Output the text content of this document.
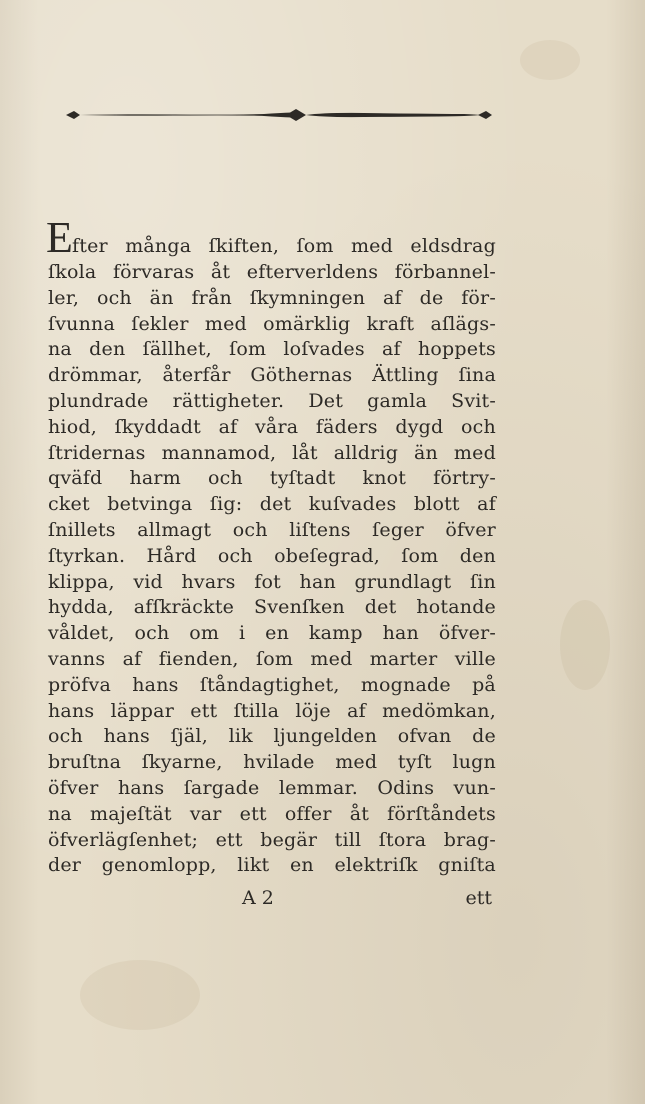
E
fter många ſkiften, ſom med eldsdrag
ſkola förvaras åt efterverldens förbannel-
ler, och än från ſkymningen af de för-
ſvunna ſekler med omärklig kraft aſlägs-
na den ſällhet, ſom loſvades af hoppets
drömmar, återfår Göthernas Ättling ſina
plundrade rättigheter. Det gamla Svit-
hiod, ſkyddadt af våra fäders dygd och
ſtridernas mannamod, låt alldrig än med
qväfd harm och tyſtadt knot förtry-
cket betvinga ſig: det kuſvades blott af
ſnillets allmagt och liſtens ſeger öfver
ſtyrkan. Hård och obeſegrad, ſom den
klippa, vid hvars fot han grundlagt ſin
hydda, afſkräckte Svenſken det hotande
våldet, och om i en kamp han öfver-
vanns af fienden, ſom med marter ville
pröfva hans ſtåndagtighet, mognade på
hans läppar ett ſtilla löje af medömkan,
och hans ſjäl, lik ljungelden ofvan de
bruſtna ſkyarne, hvilade med tyſt lugn
öfver hans ſargade lemmar. Odins vun-
na majeſtät var ett offer åt förſtåndets
öfverlägſenhet; ett begär till ſtora brag-
der genomlopp, likt en elektriſk gniſta
A 2	ett
